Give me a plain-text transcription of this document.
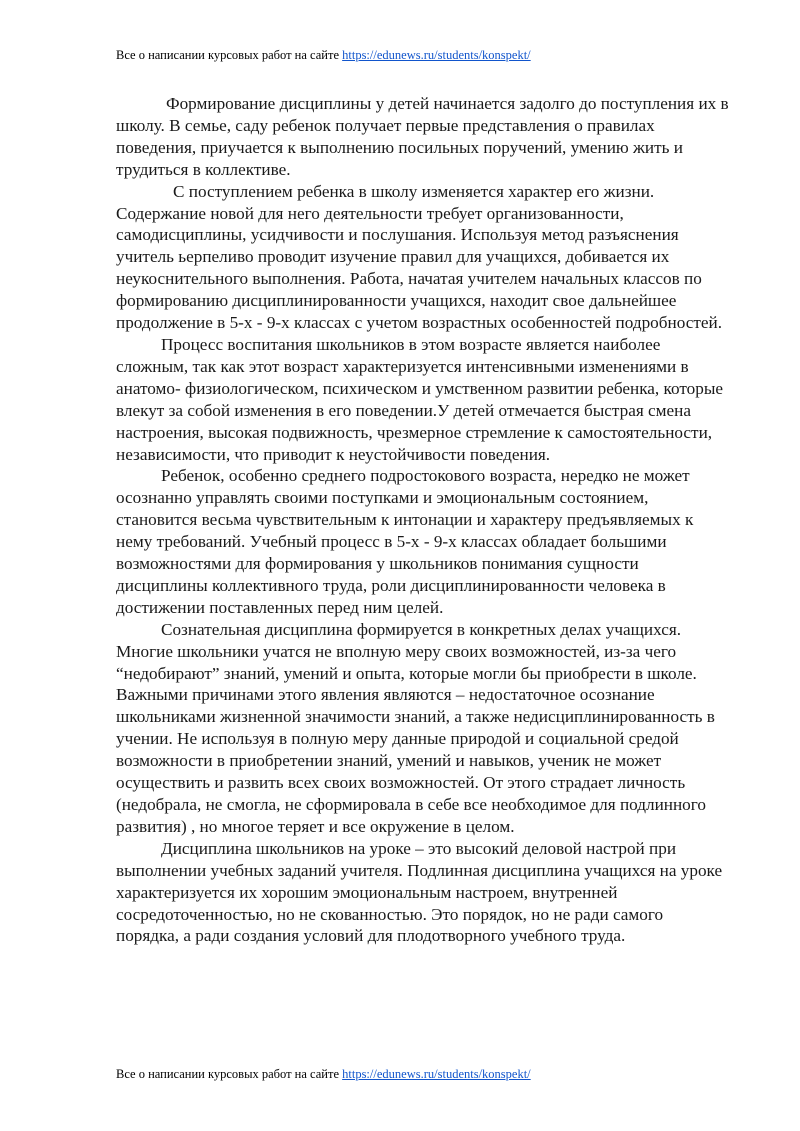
Все о написании курсовых работ на сайте https://edunews.ru/students/konspekt/

Формирование дисциплины у детей начинается задолго до поступления их в школу. В семье, саду ребенок получает первые представления о правилах поведения, приучается к выполнению посильных поручений, умению жить и трудиться в коллективе.

С поступлением ребенка в школу изменяется характер его жизни. Содержание новой для него деятельности требует организованности, самодисциплины, усидчивости и послушания. Используя метод разъяснения учитель ьерпеливо проводит изучение правил для учащихся, добивается их неукоснительного выполнения. Работа, начатая учителем начальных классов по формированию дисциплинированности учащихся, находит свое дальнейшее продолжение в 5-х - 9-х классах с учетом возрастных особенностей подробностей.

Процесс воспитания школьников в этом возрасте является наиболее сложным, так как этот возраст характеризуется интенсивными изменениями в анатомо- физиологическом, психическом и умственном развитии ребенка, которые влекут за собой изменения в его поведении.У детей отмечается быстрая смена настроения, высокая подвижность, чрезмерное стремление к самостоятельности, независимости, что приводит к неустойчивости поведения.

Ребенок, особенно среднего подростокового возраста, нередко не может осознанно управлять своими поступками и эмоциональным состоянием, становится весьма чувствительным к интонации и характеру предъявляемых к нему требований. Учебный процесс в 5-х - 9-х классах обладает большими возможностями для формирования у школьников понимания сущности дисциплины коллективного труда, роли дисциплинированности человека в достижении поставленных перед ним целей.

Сознательная дисциплина формируется в конкретных делах учащихся. Многие школьники учатся не вполную меру своих возможностей, из-за чего “недобирают” знаний, умений и опыта, которые могли бы приобрести в школе. Важными причинами этого явления являются – недостаточное осознание школьниками жизненной значимости знаний, а также недисциплинированность в учении. Не используя в полную меру данные природой и социальной средой возможности в приобретении знаний, умений и навыков, ученик не может осуществить и развить всех своих возможностей. От этого страдает личность (недобрала, не смогла, не сформировала в себе все необходимое для подлинного развития) , но многое теряет и все окружение в целом.

Дисциплина школьников на уроке – это высокий деловой настрой при выполнении учебных заданий учителя. Подлинная дисциплина учащихся на уроке характеризуется их хорошим эмоциональным настроем, внутренней сосредоточенностью, но не скованностью. Это порядок, но не ради самого порядка, а ради создания условий для плодотворного учебного труда.

Все о написании курсовых работ на сайте https://edunews.ru/students/konspekt/
